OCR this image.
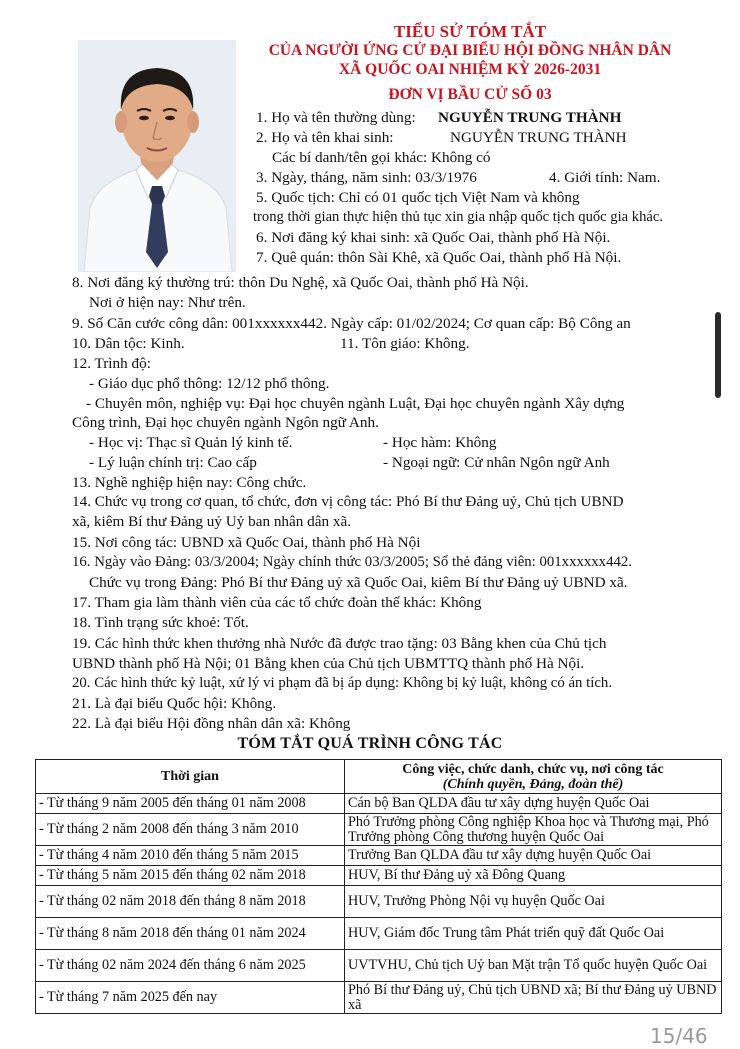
TIỂU SỬ TÓM TẮT
CỦA NGƯỜI ỨNG CỬ ĐẠI BIỂU HỘI ĐỒNG NHÂN DÂN
XÃ QUỐC OAI NHIỆM KỲ 2026-2031
ĐƠN VỊ BẦU CỬ SỐ 03
1. Họ và tên thường dùng: NGUYỄN TRUNG THÀNH
2. Họ và tên khai sinh:	NGUYỄN TRUNG THÀNH
Các bí danh/tên gọi khác: Không có
3. Ngày, tháng, năm sinh: 03/3/1976	4. Giới tính: Nam.
5. Quốc tịch: Chỉ có 01 quốc tịch Việt Nam và không
trong thời gian thực hiện thủ tục xin gia nhập quốc tịch quốc gia khác.
6. Nơi đăng ký khai sinh: xã Quốc Oai, thành phố Hà Nội.
7. Quê quán: thôn Sài Khê, xã Quốc Oai, thành phố Hà Nội.
8. Nơi đăng ký thường trú: thôn Du Nghệ, xã Quốc Oai, thành phố Hà Nội.
Nơi ở hiện nay: Như trên.
9. Số Căn cước công dân: 001xxxxxx442. Ngày cấp: 01/02/2024; Cơ quan cấp: Bộ Công an
10. Dân tộc: Kinh.	11. Tôn giáo: Không.
12. Trình độ:
- Giáo dục phổ thông: 12/12 phổ thông.
- Chuyên môn, nghiệp vụ: Đại học chuyên ngành Luật, Đại học chuyên ngành Xây dựng
Công trình, Đại học chuyên ngành Ngôn ngữ Anh.
- Học vị: Thạc sĩ Quản lý kinh tế.	- Học hàm: Không
- Lý luận chính trị: Cao cấp	- Ngoại ngữ: Cử nhân Ngôn ngữ Anh
13. Nghề nghiệp hiện nay: Công chức.
14. Chức vụ trong cơ quan, tổ chức, đơn vị công tác: Phó Bí thư Đảng uỷ, Chủ tịch UBND
xã, kiêm Bí thư Đảng uỷ Uỷ ban nhân dân xã.
15. Nơi công tác: UBND xã Quốc Oai, thành phố Hà Nội
16. Ngày vào Đảng: 03/3/2004; Ngày chính thức 03/3/2005; Số thẻ đảng viên: 001xxxxxx442.
Chức vụ trong Đảng: Phó Bí thư Đảng uỷ xã Quốc Oai, kiêm Bí thư Đảng uỷ UBND xã.
17. Tham gia làm thành viên của các tổ chức đoàn thể khác: Không
18. Tình trạng sức khoẻ: Tốt.
19. Các hình thức khen thưởng nhà Nước đã được trao tặng: 03 Bằng khen của Chủ tịch
UBND thành phố Hà Nội; 01 Bằng khen của Chủ tịch UBMTTQ thành phố Hà Nội.
20. Các hình thức kỷ luật, xử lý vi phạm đã bị áp dụng: Không bị kỷ luật, không có án tích.
21. Là đại biểu Quốc hội: Không.
22. Là đại biểu Hội đồng nhân dân xã: Không
TÓM TẮT QUÁ TRÌNH CÔNG TÁC
Thời gian	Công việc, chức danh, chức vụ, nơi công tác
(Chính quyền, Đảng, đoàn thể)
- Từ tháng 9 năm 2005 đến tháng 01 năm 2008	Cán bộ Ban QLDA đầu tư xây dựng huyện Quốc Oai
- Từ tháng 2 năm 2008 đến tháng 3 năm 2010	Phó Trưởng phòng Công nghiệp Khoa học và Thương mại, Phó Trưởng phòng Công thương huyện Quốc Oai
- Từ tháng 4 năm 2010 đến tháng 5 năm 2015	Trưởng Ban QLDA đầu tư xây dựng huyện Quốc Oai
- Từ tháng 5 năm 2015 đến tháng 02 năm 2018	HUV, Bí thư Đảng uỷ xã Đông Quang
- Từ tháng 02 năm 2018 đến tháng 8 năm 2018	HUV, Trưởng Phòng Nội vụ huyện Quốc Oai
- Từ tháng 8 năm 2018 đến tháng 01 năm 2024	HUV, Giám đốc Trung tâm Phát triển quỹ đất Quốc Oai
- Từ tháng 02 năm 2024 đến tháng 6 năm 2025	UVTVHU, Chủ tịch Uỷ ban Mặt trận Tổ quốc huyện Quốc Oai
- Từ tháng 7 năm 2025 đến nay	Phó Bí thư Đảng uỷ, Chủ tịch UBND xã; Bí thư Đảng uỷ UBND xã
15/46
